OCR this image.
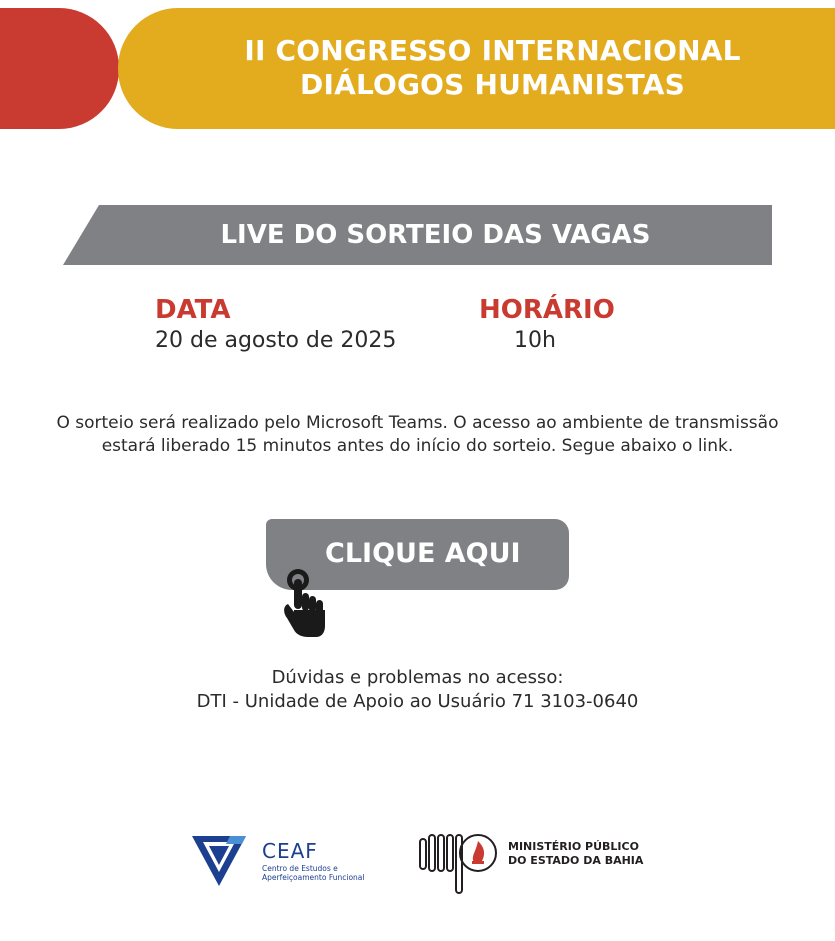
II CONGRESSO INTERNACIONAL
DIÁLOGOS HUMANISTAS
LIVE DO SORTEIO DAS VAGAS
DATA
20 de agosto de 2025
HORÁRIO
10h
O sorteio será realizado pelo Microsoft Teams. O acesso ao ambiente de transmissão
estará liberado 15 minutos antes do início do sorteio. Segue abaixo o link.
CLIQUE AQUI
Dúvidas e problemas no acesso:
DTI - Unidade de Apoio ao Usuário 71 3103-0640
CEAF
Centro de Estudos e
Aperfeiçoamento Funcional
MINISTÉRIO PÚBLICO
DO ESTADO DA BAHIA
